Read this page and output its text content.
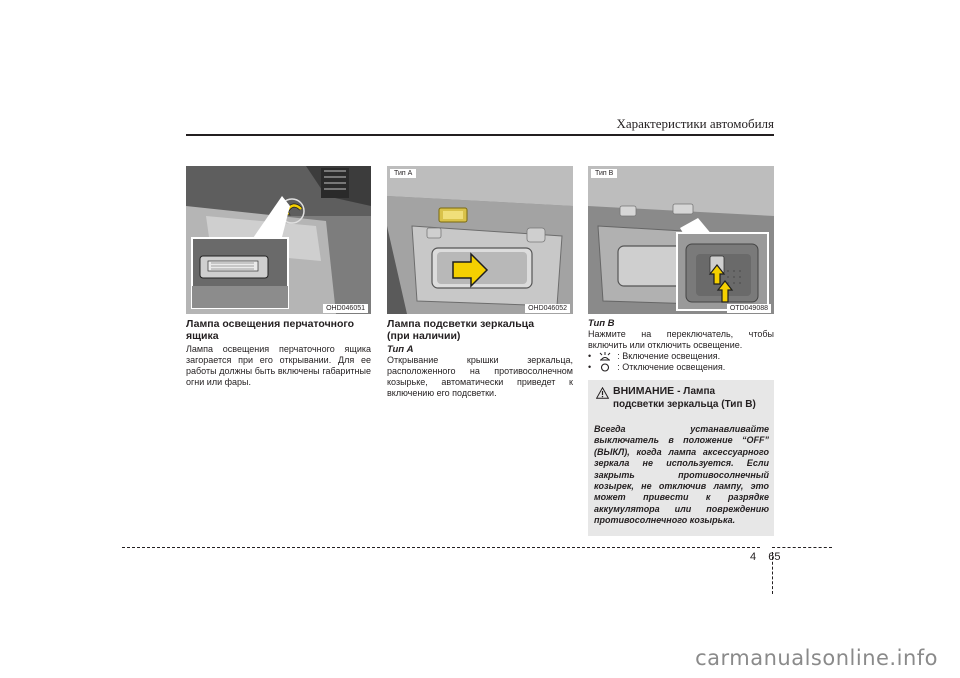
Характеристики автомобиля
OHD046051
Лампа освещения перчаточного
ящика
Лампа освещения перчаточного ящика загорается при его открывании. Для ее работы должны быть включены габаритные огни или фары.
Тип А
OHD046052
Лампа подсветки зеркальца
(при наличии)
Тип A
Открывание крышки зеркальца, расположенного на противосолнечном козырьке, автоматически приведет к включению его подсветки.
Тип В
OTD049088
Тип В
Нажмите на переключатель, чтобы включить или отключить освещение.
•	: Включение освещения.
•	: Отключение освещения.
ВНИМАНИЕ - Лампа подсветки зеркальца (Тип В)
Всегда устанавливайте выключатель в положение “OFF” (ВЫКЛ), когда лампа аксессуарного зеркала не используется. Если закрыть противосолнечный козырек, не отключив лампу, это может привести к разрядке аккумулятора или повреждению противосолнечного козырька.
4 65
carmanualsonline.info
